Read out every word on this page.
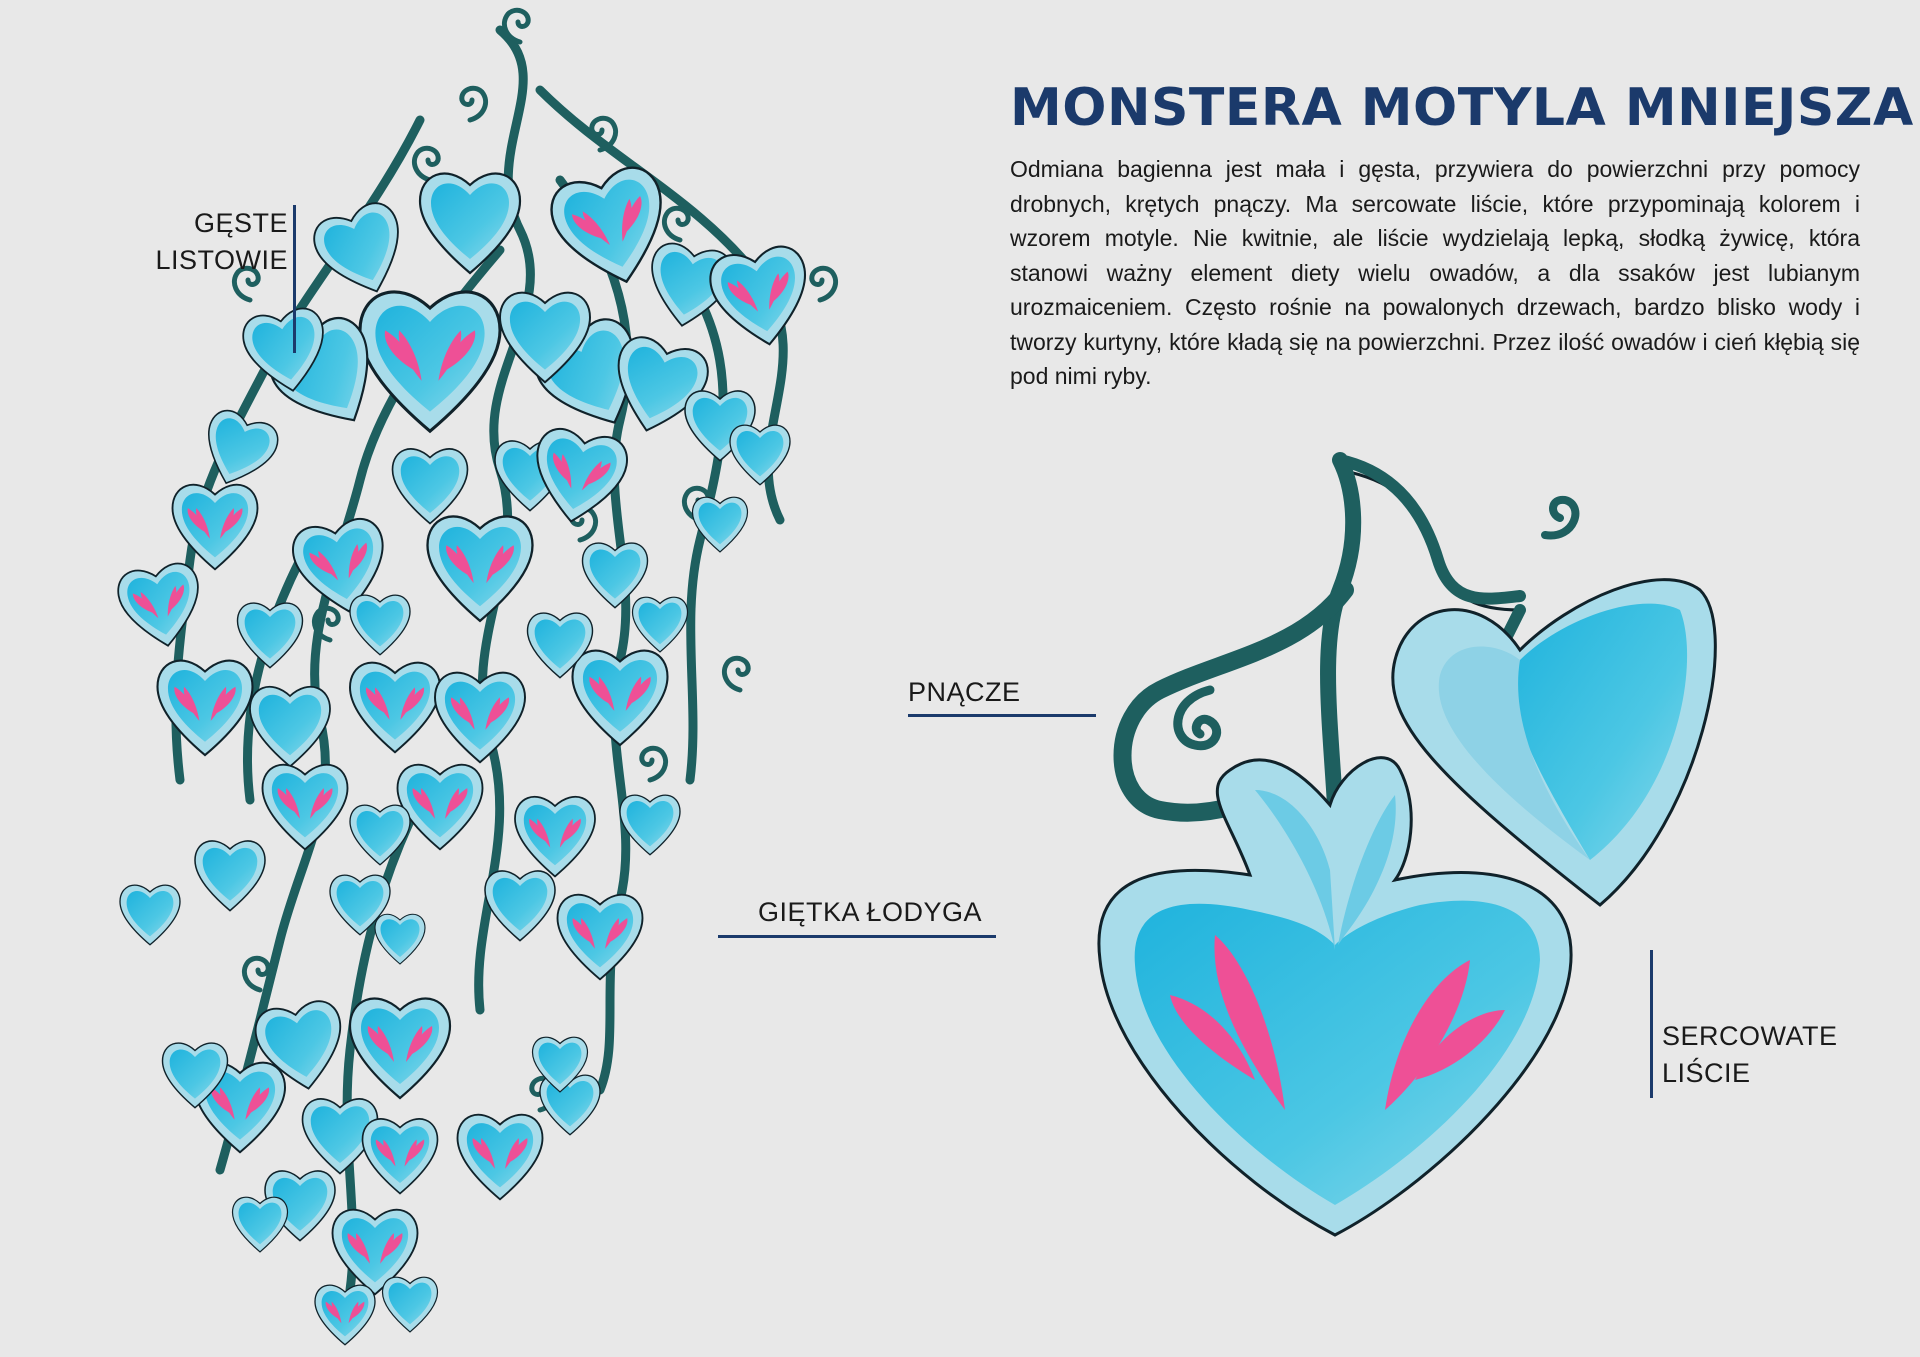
MONSTERA MOTYLA MNIEJSZA

Odmiana bagienna jest mała i gęsta, przywiera do powierzchni przy pomocy drobnych, krętych pnączy. Ma sercowate liście, które przypominają kolorem i wzorem motyle. Nie kwitnie, ale liście wydzielają lepką, słodką żywicę, która stanowi ważny element diety wielu owadów, a dla ssaków jest lubianym urozmaiceniem. Często rośnie na powalonych drzewach, bardzo blisko wody i tworzy kurtyny, które kładą się na powierzchni. Przez ilość owadów i cień kłębią się pod nimi ryby.

GĘSTE
LISTOWIE
GIĘTKA ŁODYGA
PNĄCZE
SERCOWATE
LIŚCIE
